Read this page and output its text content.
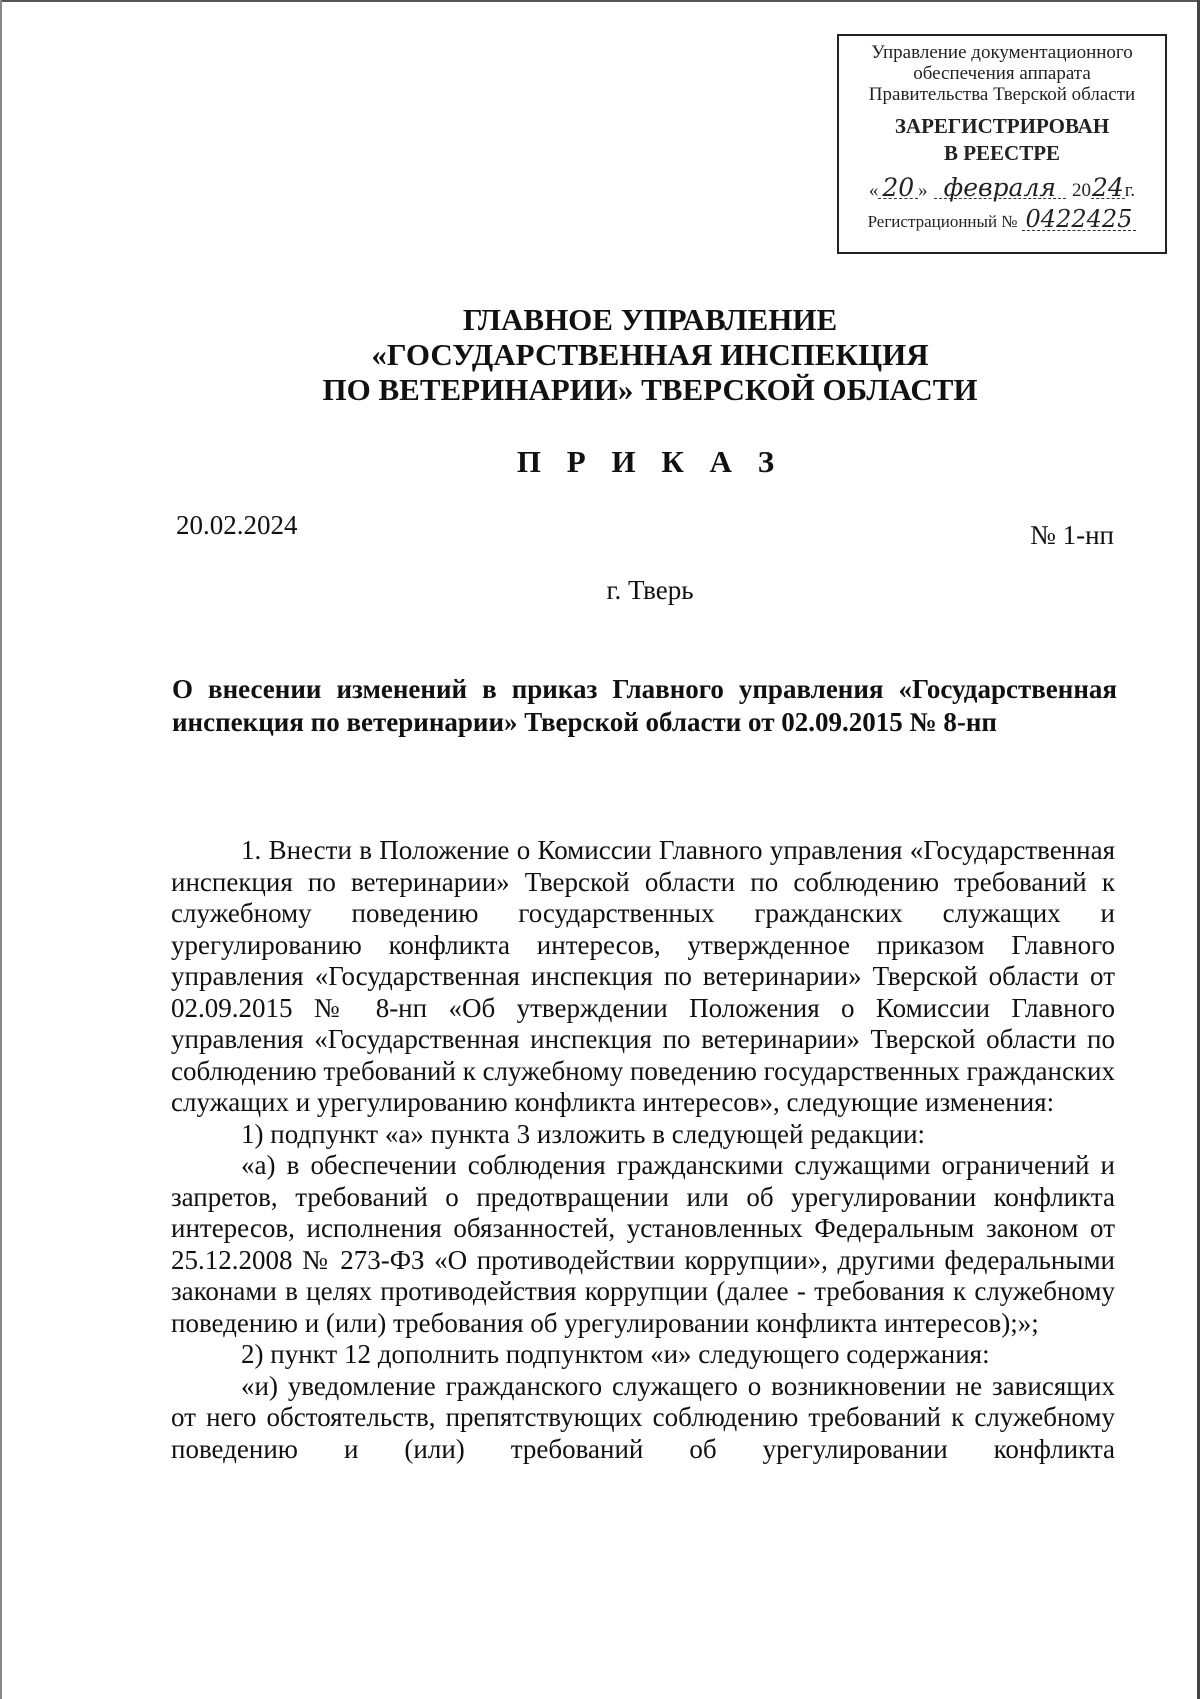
Управление документационного
обеспечения аппарата
Правительства Тверской области
ЗАРЕГИСТРИРОВАН
В РЕЕСТРЕ
« 20 » февраля 20 24 г.
Регистрационный № 0422425
ГЛАВНОЕ УПРАВЛЕНИЕ
«ГОСУДАРСТВЕННАЯ ИНСПЕКЦИЯ
ПО ВЕТЕРИНАРИИ» ТВЕРСКОЙ ОБЛАСТИ
П Р И К А З
20.02.2024	№ 1-нп
г. Тверь
О внесении изменений в приказ Главного управления «Государственная инспекция по ветеринарии» Тверской области от 02.09.2015 № 8-нп

1. Внести в Положение о Комиссии Главного управления «Государственная инспекция по ветеринарии» Тверской области по соблюдению требований к служебному поведению государственных гражданских служащих и урегулированию конфликта интересов, утвержденное приказом Главного управления «Государственная инспекция по ветеринарии» Тверской области от 02.09.2015 № 8-нп «Об утверждении Положения о Комиссии Главного управления «Государственная инспекция по ветеринарии» Тверской области по соблюдению требований к служебному поведению государственных гражданских служащих и урегулированию конфликта интересов», следующие изменения:

1) подпункт «а» пункта 3 изложить в следующей редакции:

«а) в обеспечении соблюдения гражданскими служащими ограничений и запретов, требований о предотвращении или об урегулировании конфликта интересов, исполнения обязанностей, установленных Федеральным законом от 25.12.2008 № 273-ФЗ «О противодействии коррупции», другими федеральными законами в целях противодействия коррупции (далее - требования к служебному поведению и (или) требования об урегулировании конфликта интересов);»;

2) пункт 12 дополнить подпунктом «и» следующего содержания:

«и) уведомление гражданского служащего о возникновении не зависящих от него обстоятельств, препятствующих соблюдению требований к служебному поведению и (или) требований об урегулировании конфликта
